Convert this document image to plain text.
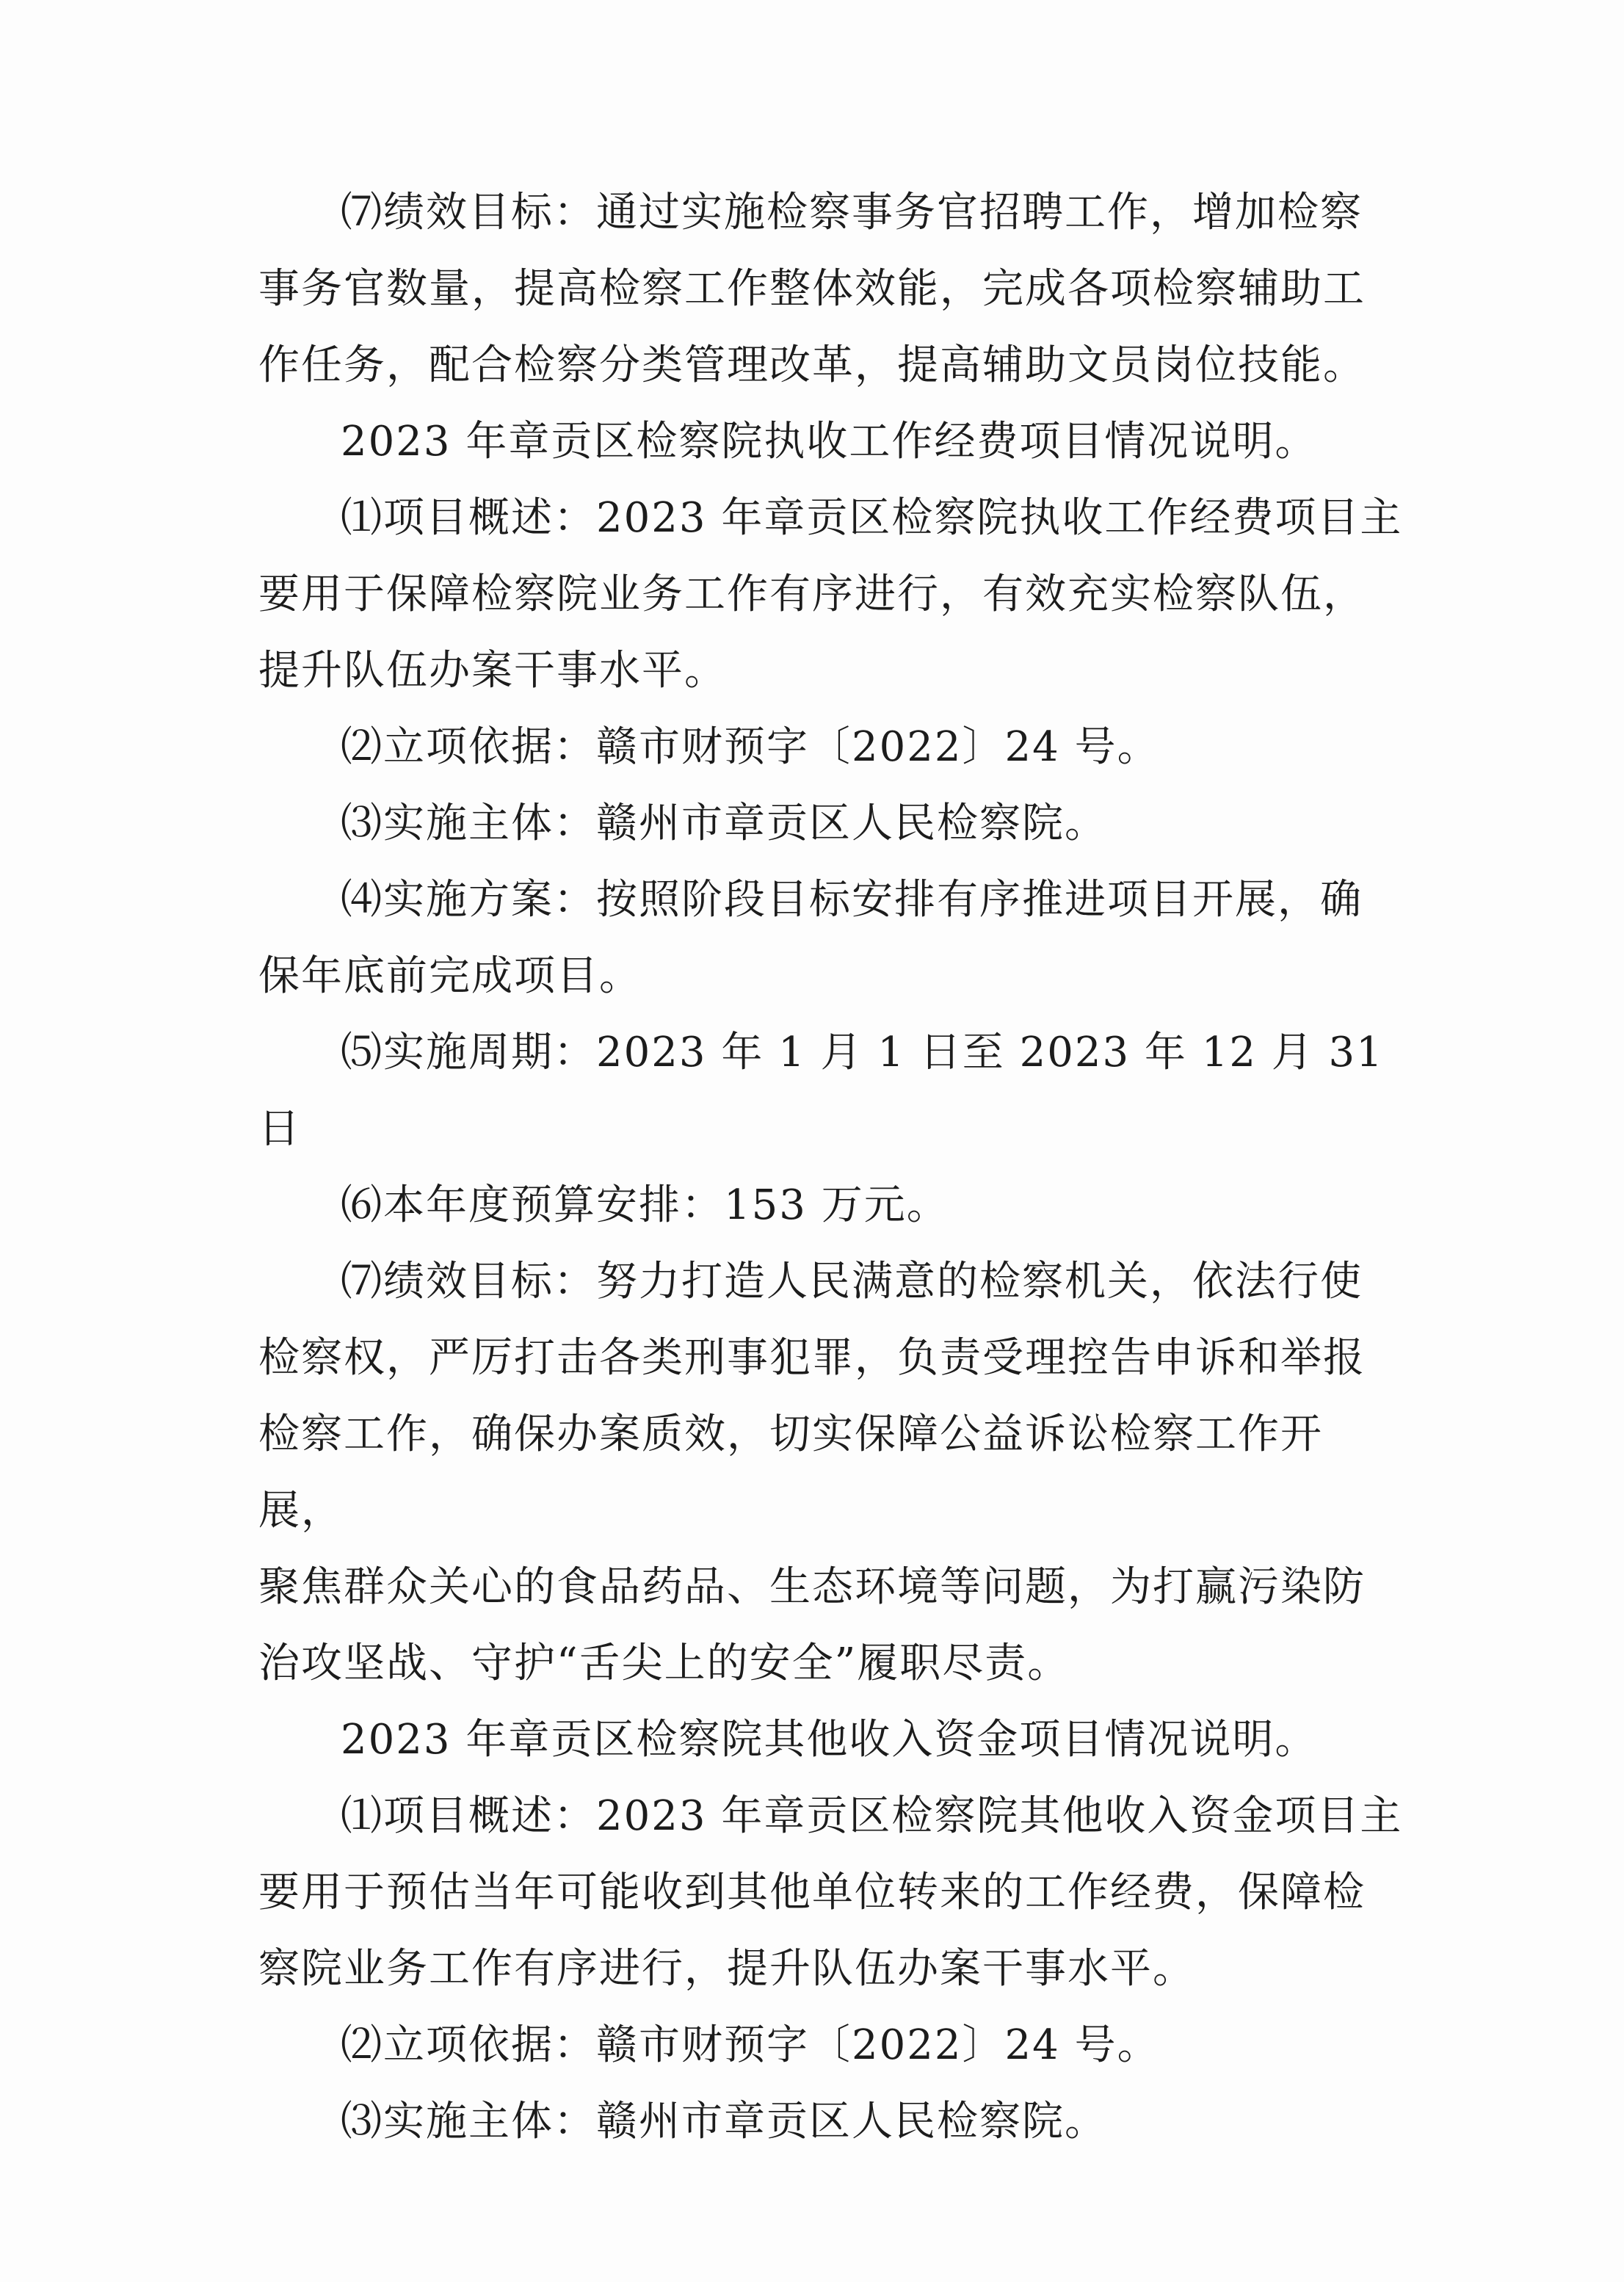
⑺绩效目标：通过实施检察事务官招聘工作，增加检察
事务官数量，提高检察工作整体效能，完成各项检察辅助工
作任务，配合检察分类管理改革，提高辅助文员岗位技能。

2023 年章贡区检察院执收工作经费项目情况说明。

⑴项目概述：2023 年章贡区检察院执收工作经费项目主
要用于保障检察院业务工作有序进行，有效充实检察队伍，
提升队伍办案干事水平。

⑵立项依据：赣市财预字〔2022〕24 号。

⑶实施主体：赣州市章贡区人民检察院。

⑷实施方案：按照阶段目标安排有序推进项目开展，确
保年底前完成项目。

⑸实施周期：2023 年 1 月 1 日至 2023 年 12 月 31 日

⑹本年度预算安排：153 万元。

⑺绩效目标：努力打造人民满意的检察机关，依法行使
检察权，严厉打击各类刑事犯罪，负责受理控告申诉和举报
检察工作，确保办案质效，切实保障公益诉讼检察工作开展，
聚焦群众关心的食品药品、生态环境等问题，为打赢污染防
治攻坚战、守护“舌尖上的安全”履职尽责。

2023 年章贡区检察院其他收入资金项目情况说明。

⑴项目概述：2023 年章贡区检察院其他收入资金项目主
要用于预估当年可能收到其他单位转来的工作经费，保障检
察院业务工作有序进行，提升队伍办案干事水平。

⑵立项依据：赣市财预字〔2022〕24 号。

⑶实施主体：赣州市章贡区人民检察院。
